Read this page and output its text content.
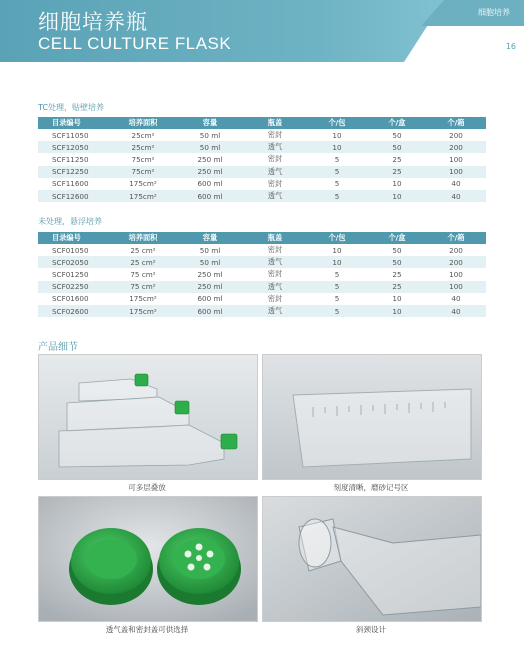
细胞培养瓶
CELL CULTURE FLASK
细胞培养
16
TC处理，贴壁培养
目录编号	培养面积	容量	瓶盖	个/包	个/盒	个/箱
SCF11050	25cm²	50 ml	密封	10	50	200
SCF12050	25cm²	50 ml	透气	10	50	200
SCF11250	75cm²	250 ml	密封	5	25	100
SCF12250	75cm²	250 ml	透气	5	25	100
SCF11600	175cm²	600 ml	密封	5	10	40
SCF12600	175cm²	600 ml	透气	5	10	40
未处理，悬浮培养
目录编号	培养面积	容量	瓶盖	个/包	个/盒	个/箱
SCF01050	25 cm²	50 ml	密封	10	50	200
SCF02050	25 cm²	50 ml	透气	10	50	200
SCF01250	75 cm²	250 ml	密封	5	25	100
SCF02250	75 cm²	250 ml	透气	5	25	100
SCF01600	175cm²	600 ml	密封	5	10	40
SCF02600	175cm²	600 ml	透气	5	10	40
产品细节
可多层叠放	刻度清晰，磨砂记号区
透气盖和密封盖可供选择	斜颈设计
